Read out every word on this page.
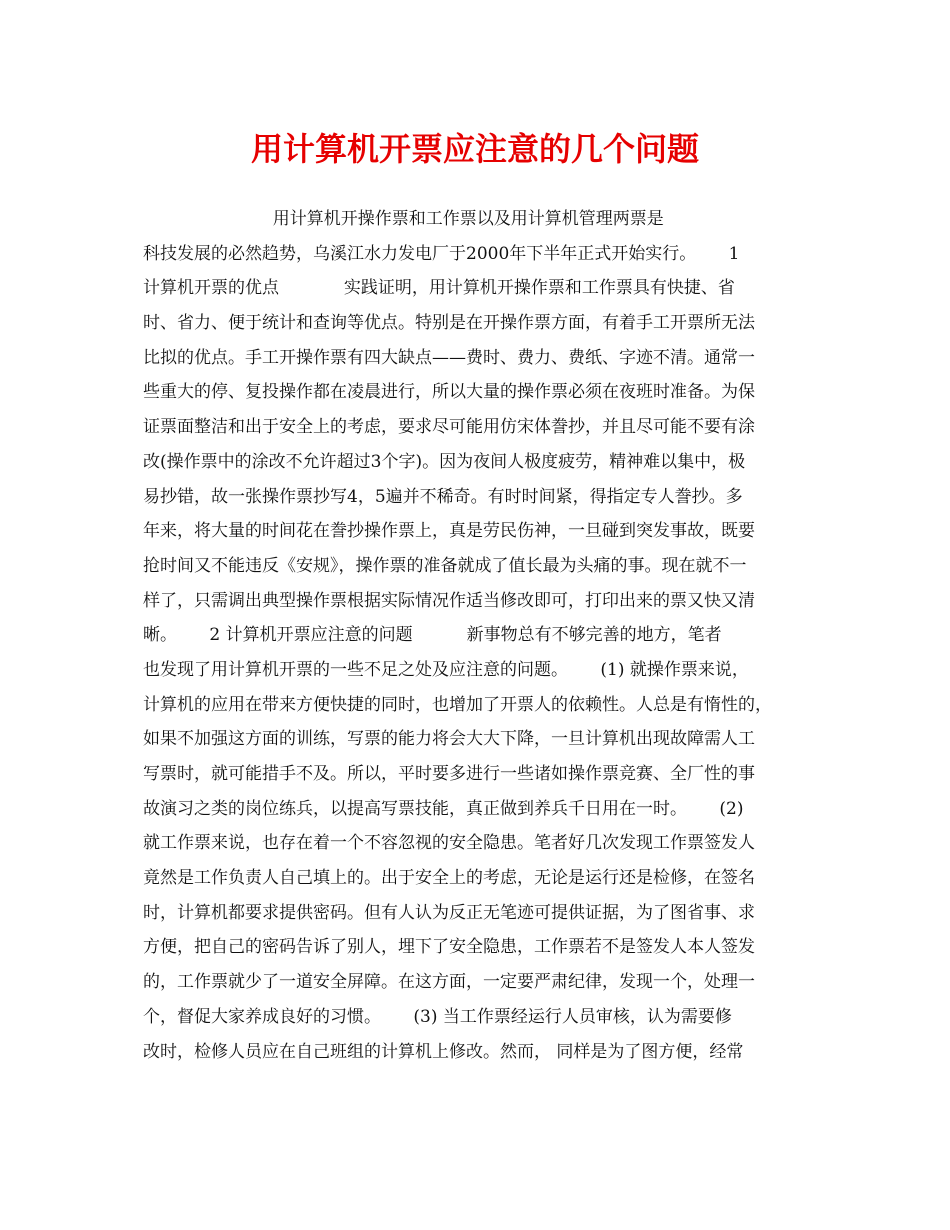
用计算机开票应注意的几个问题
用计算机开操作票和工作票以及用计算机管理两票是
科技发展的必然趋势，乌溪江水力发电厂于2000年下半年正式开始实行。      1
计算机开票的优点            实践证明，用计算机开操作票和工作票具有快捷、省
时、省力、便于统计和查询等优点。特别是在开操作票方面，有着手工开票所无法
比拟的优点。手工开操作票有四大缺点——费时、费力、费纸、字迹不清。通常一
些重大的停、复投操作都在凌晨进行，所以大量的操作票必须在夜班时准备。为保
证票面整洁和出于安全上的考虑，要求尽可能用仿宋体誊抄，并且尽可能不要有涂
改(操作票中的涂改不允许超过3个字)。因为夜间人极度疲劳，精神难以集中，极
易抄错，故一张操作票抄写4，5遍并不稀奇。有时时间紧，得指定专人誊抄。多
年来，将大量的时间花在誊抄操作票上，真是劳民伤神，一旦碰到突发事故，既要
抢时间又不能违反《安规》，操作票的准备就成了值长最为头痛的事。现在就不一
样了，只需调出典型操作票根据实际情况作适当修改即可，打印出来的票又快又清
晰。      2 计算机开票应注意的问题          新事物总有不够完善的地方，笔者
也发现了用计算机开票的一些不足之处及应注意的问题。      (1) 就操作票来说，
计算机的应用在带来方便快捷的同时，也增加了开票人的依赖性。人总是有惰性的，
如果不加强这方面的训练，写票的能力将会大大下降，一旦计算机出现故障需人工
写票时，就可能措手不及。所以，平时要多进行一些诸如操作票竞赛、全厂性的事
故演习之类的岗位练兵，以提高写票技能，真正做到养兵千日用在一时。      (2)
就工作票来说，也存在着一个不容忽视的安全隐患。笔者好几次发现工作票签发人
竟然是工作负责人自己填上的。出于安全上的考虑，无论是运行还是检修，在签名
时，计算机都要求提供密码。但有人认为反正无笔迹可提供证据，为了图省事、求
方便，把自己的密码告诉了别人，埋下了安全隐患，工作票若不是签发人本人签发
的，工作票就少了一道安全屏障。在这方面，一定要严肃纪律，发现一个，处理一
个，督促大家养成良好的习惯。      (3) 当工作票经运行人员审核，认为需要修
改时，检修人员应在自己班组的计算机上修改。然而， 同样是为了图方便，经常
